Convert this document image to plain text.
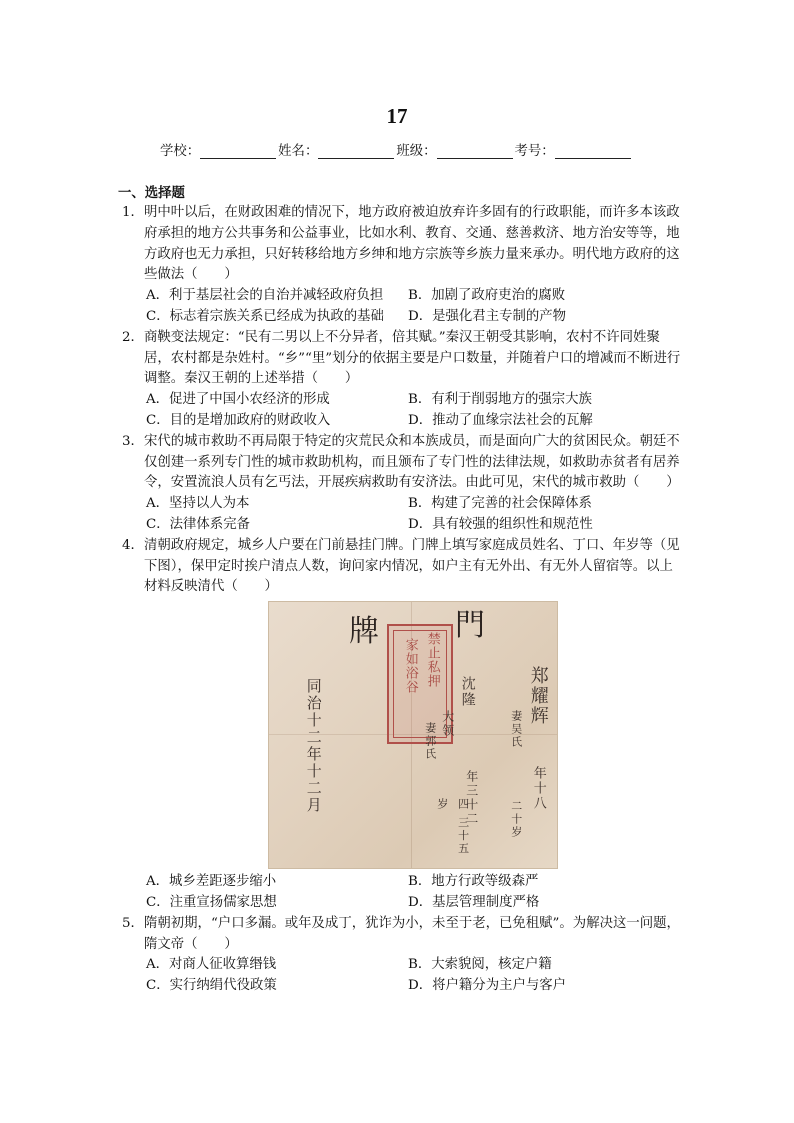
17
学校：	姓名：	班级：	考号：
一、选择题
1． 明中叶以后，在财政困难的情况下，地方政府被迫放弃许多固有的行政职能，而许多本该政府承担的地方公共事务和公益事业，比如水利、教育、交通、慈善救济、地方治安等等，地方政府也无力承担，只好转移给地方乡绅和地方宗族等乡族力量来承办。明代地方政府的这些做法（　　）
A．利于基层社会的自治并减轻政府负担	B．加剧了政府吏治的腐败
C．标志着宗族关系已经成为执政的基础	D．是强化君主专制的产物
2． 商鞅变法规定：“民有二男以上不分异者，倍其赋。”秦汉王朝受其影响，农村不许同姓聚居，农村都是杂姓村。“乡”“里”划分的依据主要是户口数量，并随着户口的增减而不断进行调整。秦汉王朝的上述举措（　　）
A．促进了中国小农经济的形成	B．有利于削弱地方的强宗大族
C．目的是增加政府的财政收入	D．推动了血缘宗法社会的瓦解
3． 宋代的城市救助不再局限于特定的灾荒民众和本族成员，而是面向广大的贫困民众。朝廷不仅创建一系列专门性的城市救助机构，而且颁布了专门性的法律法规，如救助赤贫者有居养令，安置流浪人员有乞丐法，开展疾病救助有安济法。由此可见，宋代的城市救助（　　）
A．坚持以人为本	B．构建了完善的社会保障体系
C．法律体系完备	D．具有较强的组织性和规范性
4． 清朝政府规定，城乡人户要在门前悬挂门牌。门牌上填写家庭成员姓名、丁口、年岁等（见下图），保甲定时挨户清点人数，询问家内情况，如户主有无外出、有无外人留宿等。以上材料反映清代（　　）
牌	門
禁止私押
家如浴谷
同治十二年十二月	沈隆
大领
妻郭氏
年三十二
四 三十五岁
郑耀辉
妻吴氏
年十八
二十岁
A．城乡差距逐步缩小	B．地方行政等级森严
C．注重宣扬儒家思想	D．基层管理制度严格
5． 隋朝初期，“户口多漏。或年及成丁，犹诈为小，未至于老，已免租赋”。为解决这一问题，隋文帝（　　）
A．对商人征收算缗钱	B．大索貌阅，核定户籍
C．实行纳绢代役政策	D．将户籍分为主户与客户
